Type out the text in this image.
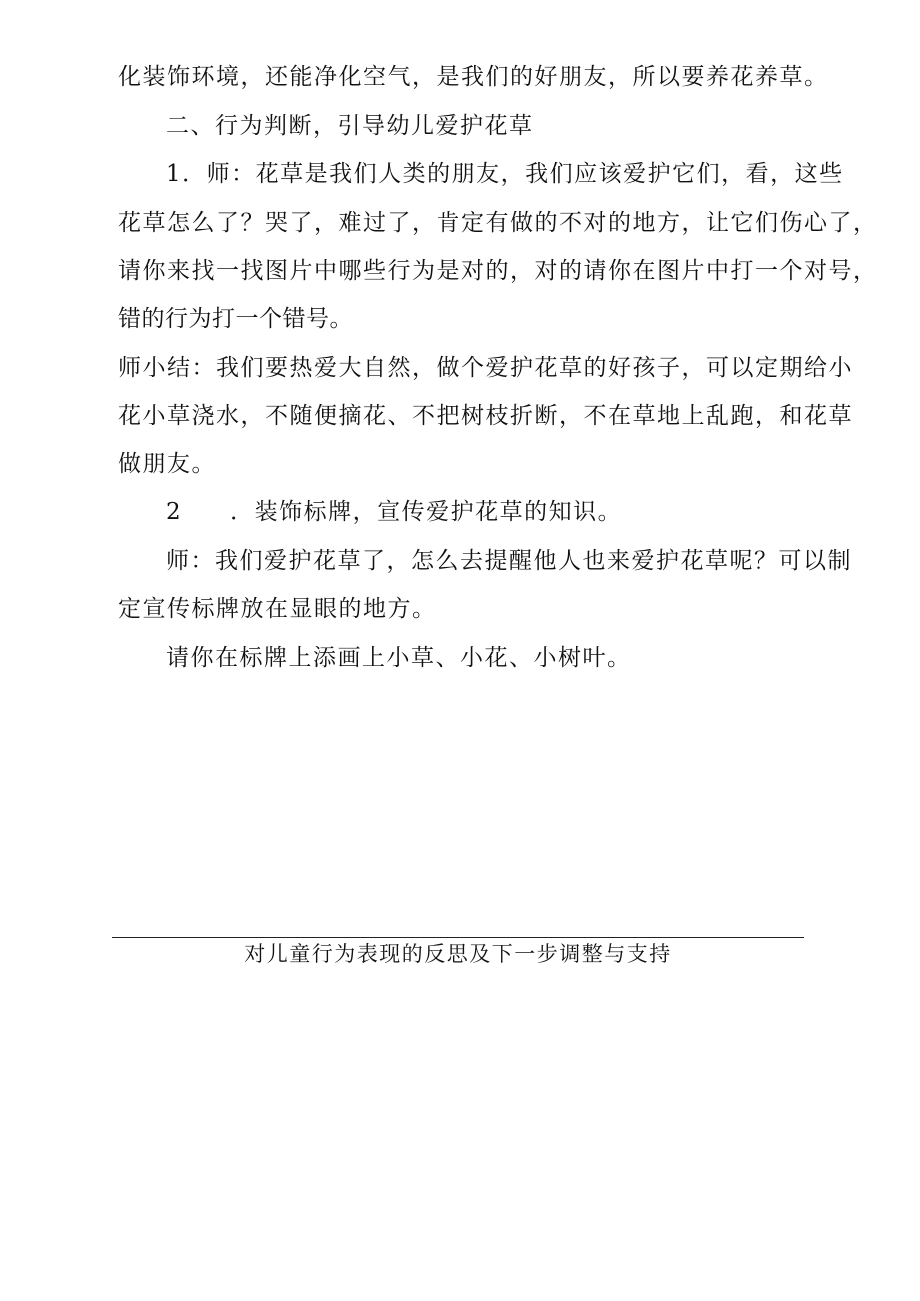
化装饰环境，还能净化空气，是我们的好朋友，所以要养花养草。
二、行为判断，引导幼儿爱护花草
1．师：花草是我们人类的朋友，我们应该爱护它们，看，这些
花草怎么了？哭了，难过了，肯定有做的不对的地方，让它们伤心了，
请你来找一找图片中哪些行为是对的，对的请你在图片中打一个对号，
错的行为打一个错号。
师小结：我们要热爱大自然，做个爱护花草的好孩子，可以定期给小
花小草浇水，不随便摘花、不把树枝折断，不在草地上乱跑，和花草
做朋友。
2 ．装饰标牌，宣传爱护花草的知识。
师：我们爱护花草了，怎么去提醒他人也来爱护花草呢？可以制
定宣传标牌放在显眼的地方。
请你在标牌上添画上小草、小花、小树叶。
对儿童行为表现的反思及下一步调整与支持
